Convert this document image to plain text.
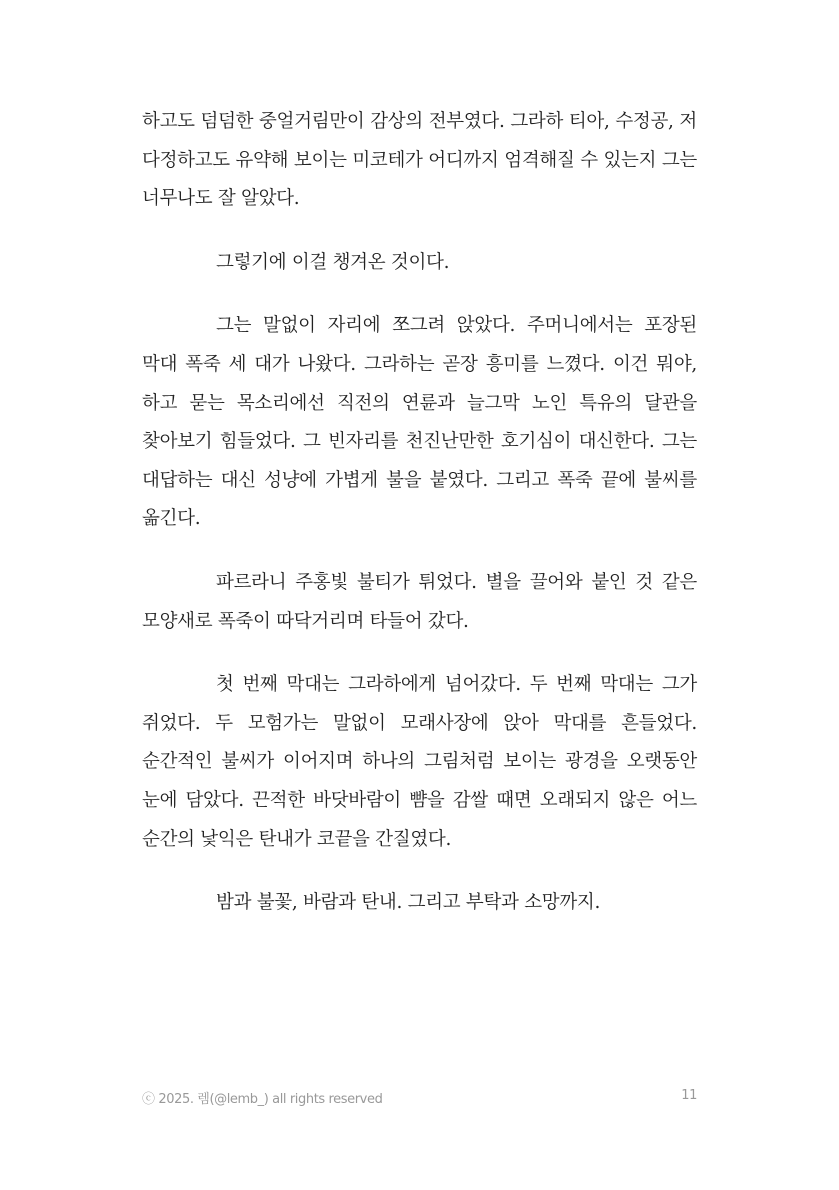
하고도 덤덤한 중얼거림만이 감상의 전부였다. 그라하 티아, 수정공, 저 다정하고도 유약해 보이는 미코테가 어디까지 엄격해질 수 있는지 그는 너무나도 잘 알았다.

그렇기에 이걸 챙겨온 것이다.

그는 말없이 자리에 쪼그려 앉았다. 주머니에서는 포장된 막대 폭죽 세 대가 나왔다. 그라하는 곧장 흥미를 느꼈다. 이건 뭐야, 하고 묻는 목소리에선 직전의 연륜과 늘그막 노인 특유의 달관을 찾아보기 힘들었다. 그 빈자리를 천진난만한 호기심이 대신한다. 그는 대답하는 대신 성냥에 가볍게 불을 붙였다. 그리고 폭죽 끝에 불씨를 옮긴다.

파르라니 주홍빛 불티가 튀었다. 별을 끌어와 붙인 것 같은 모양새로 폭죽이 따닥거리며 타들어 갔다.

첫 번째 막대는 그라하에게 넘어갔다. 두 번째 막대는 그가 쥐었다. 두 모험가는 말없이 모래사장에 앉아 막대를 흔들었다. 순간적인 불씨가 이어지며 하나의 그림처럼 보이는 광경을 오랫동안 눈에 담았다. 끈적한 바닷바람이 뺨을 감쌀 때면 오래되지 않은 어느 순간의 낯익은 탄내가 코끝을 간질였다.

밤과 불꽃, 바람과 탄내. 그리고 부탁과 소망까지.

ⓒ 2025. 렘(@lemb_) all rights reserved	11
